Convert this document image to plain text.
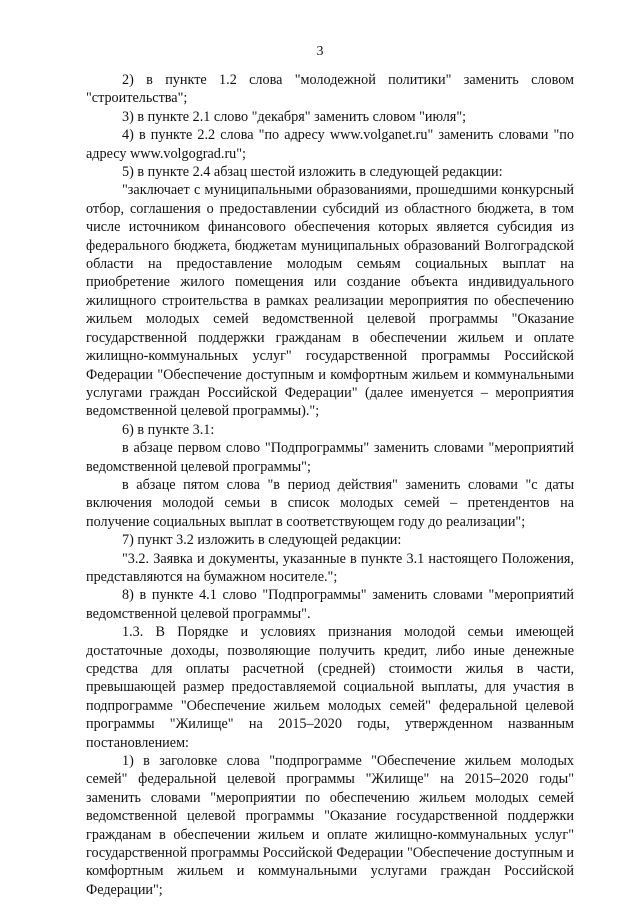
3

2) в пункте 1.2 слова "молодежной политики" заменить словом "строительства";

3) в пункте 2.1 слово "декабря" заменить словом "июля";

4) в пункте 2.2 слова "по адресу www.volganet.ru" заменить словами "по адресу www.volgograd.ru";

5) в пункте 2.4 абзац шестой изложить в следующей редакции:

"заключает с муниципальными образованиями, прошедшими конкурсный отбор, соглашения о предоставлении субсидий из областного бюджета, в том числе источником финансового обеспечения которых является субсидия из федерального бюджета, бюджетам муниципальных образований Волгоградской области на предоставление молодым семьям социальных выплат на приобретение жилого помещения или создание объекта индивидуального жилищного строительства в рамках реализации мероприятия по обеспечению жильем молодых семей ведомственной целевой программы "Оказание государственной поддержки гражданам в обеспечении жильем и оплате жилищно-коммунальных услуг" государственной программы Российской Федерации "Обеспечение доступным и комфортным жильем и коммунальными услугами граждан Российской Федерации" (далее именуется – мероприятия ведомственной целевой программы).";

6) в пункте 3.1:

в абзаце первом слово "Подпрограммы" заменить словами "мероприятий ведомственной целевой программы";

в абзаце пятом слова "в период действия" заменить словами "с даты включения молодой семьи в список молодых семей – претендентов на получение социальных выплат в соответствующем году до реализации";

7) пункт 3.2 изложить в следующей редакции:

"3.2. Заявка и документы, указанные в пункте 3.1 настоящего Положения, представляются на бумажном носителе.";

8) в пункте 4.1 слово "Подпрограммы" заменить словами "мероприятий ведомственной целевой программы".

1.3. В Порядке и условиях признания молодой семьи имеющей достаточные доходы, позволяющие получить кредит, либо иные денежные средства для оплаты расчетной (средней) стоимости жилья в части, превышающей размер предоставляемой социальной выплаты, для участия в подпрограмме "Обеспечение жильем молодых семей" федеральной целевой программы "Жилище" на 2015–2020 годы, утвержденном названным постановлением:

1) в заголовке слова "подпрограмме "Обеспечение жильем молодых семей" федеральной целевой программы "Жилище" на 2015–2020 годы" заменить словами "мероприятии по обеспечению жильем молодых семей ведомственной целевой программы "Оказание государственной поддержки гражданам в обеспечении жильем и оплате жилищно-коммунальных услуг" государственной программы Российской Федерации "Обеспечение доступным и комфортным жильем и коммунальными услугами граждан Российской Федерации";
